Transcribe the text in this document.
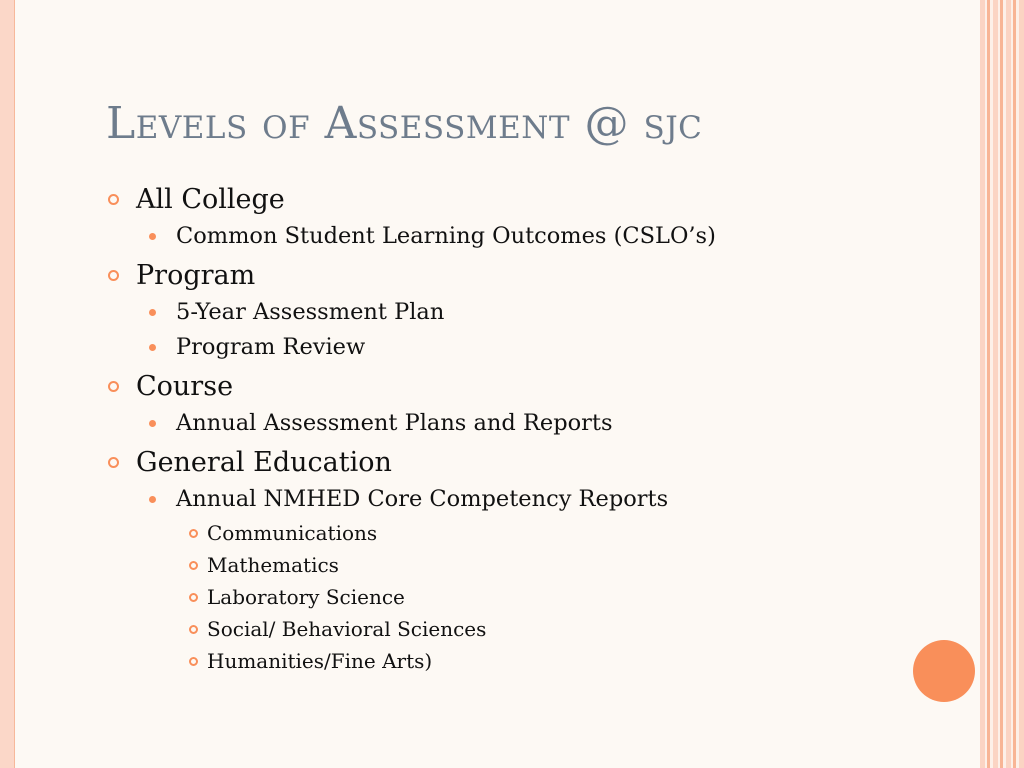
Levels of Assessment @ sjc
All College
Common Student Learning Outcomes (CSLO’s)
Program
5-Year Assessment Plan
Program Review
Course
Annual Assessment Plans and Reports
General Education
Annual NMHED Core Competency Reports
Communications
Mathematics
Laboratory Science
Social/ Behavioral Sciences
Humanities/Fine Arts)
